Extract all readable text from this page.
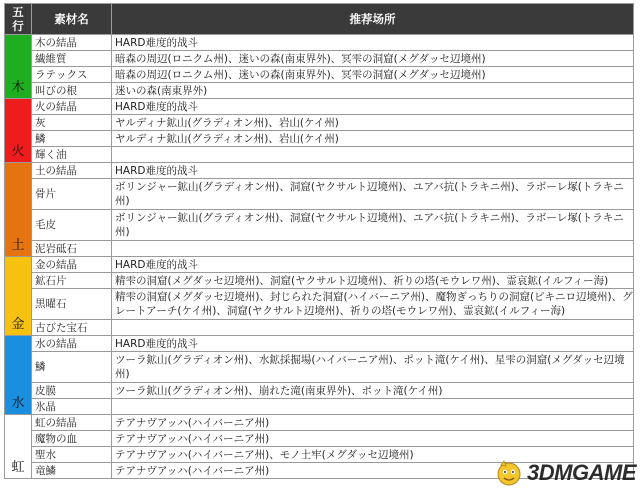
五
行	素材名	推荐场所
木	木の結晶	HARD难度的战斗
	繊維質	暗森の周辺(ロニクム州)、迷いの森(南東界外)、冥雫の洞窟(メグダッセ辺境州)
	ラテックス	暗森の周辺(ロニクム州)、迷いの森(南東界外)、冥雫の洞窟(メグダッセ辺境州)
	叫びの根	迷いの森(南東界外)
火	火の結晶	HARD难度的战斗
	灰	ヤルディナ鉱山(グラディオン州)、岩山(ケイ州)
	鱗	ヤルディナ鉱山(グラディオン州)、岩山(ケイ州)
	輝く油	
土	土の結晶	HARD难度的战斗
	骨片	ボリンジャー鉱山(グラディオン州)、洞窟(ヤクサルト辺境州)、ユアバ抗(トラキニ州)、ラボーレ塚(トラキニ州)
	毛皮	ボリンジャー鉱山(グラディオン州)、洞窟(ヤクサルト辺境州)、ユアバ抗(トラキニ州)、ラボーレ塚(トラキニ州)
	泥岩砥石	
金	金の結晶	HARD难度的战斗
	鉱石片	精雫の洞窟(メグダッセ辺境州)、洞窟(ヤクサルト辺境州)、祈りの塔(モウレワ州)、霊哀鉱(イルフィー海)
	黒曜石	精雫の洞窟(メグダッセ辺境州)、封じられた洞窟(ハイバーニア州)、魔物ぎっちりの洞窟(ピキニロ辺境州)、グレートアーチ(ケイ州)、洞窟(ヤクサルト辺境州)、祈りの塔(モウレワ州)、霊哀鉱(イルフィー海)
	古びた宝石	
水	水の結晶	HARD难度的战斗
	鱗	ツーラ鉱山(グラディオン州)、水鉱採掘場(ハイバーニア州)、ポット滝(ケイ州)、星雫の洞窟(メグダッセ辺境州)
	皮膜	ツーラ鉱山(グラディオン州)、崩れた滝(南東界外)、ポット滝(ケイ州)
	氷晶	
虹	虹の結晶	テアナヴアッハ(ハイバーニア州)
	魔物の血	テアナヴアッハ(ハイバーニア州)
	聖水	テアナヴアッハ(ハイバーニア州)、モノ土牢(メグダッセ辺境州)
	竜鱗	テアナヴアッハ(ハイバーニア州)	3DMGAME
